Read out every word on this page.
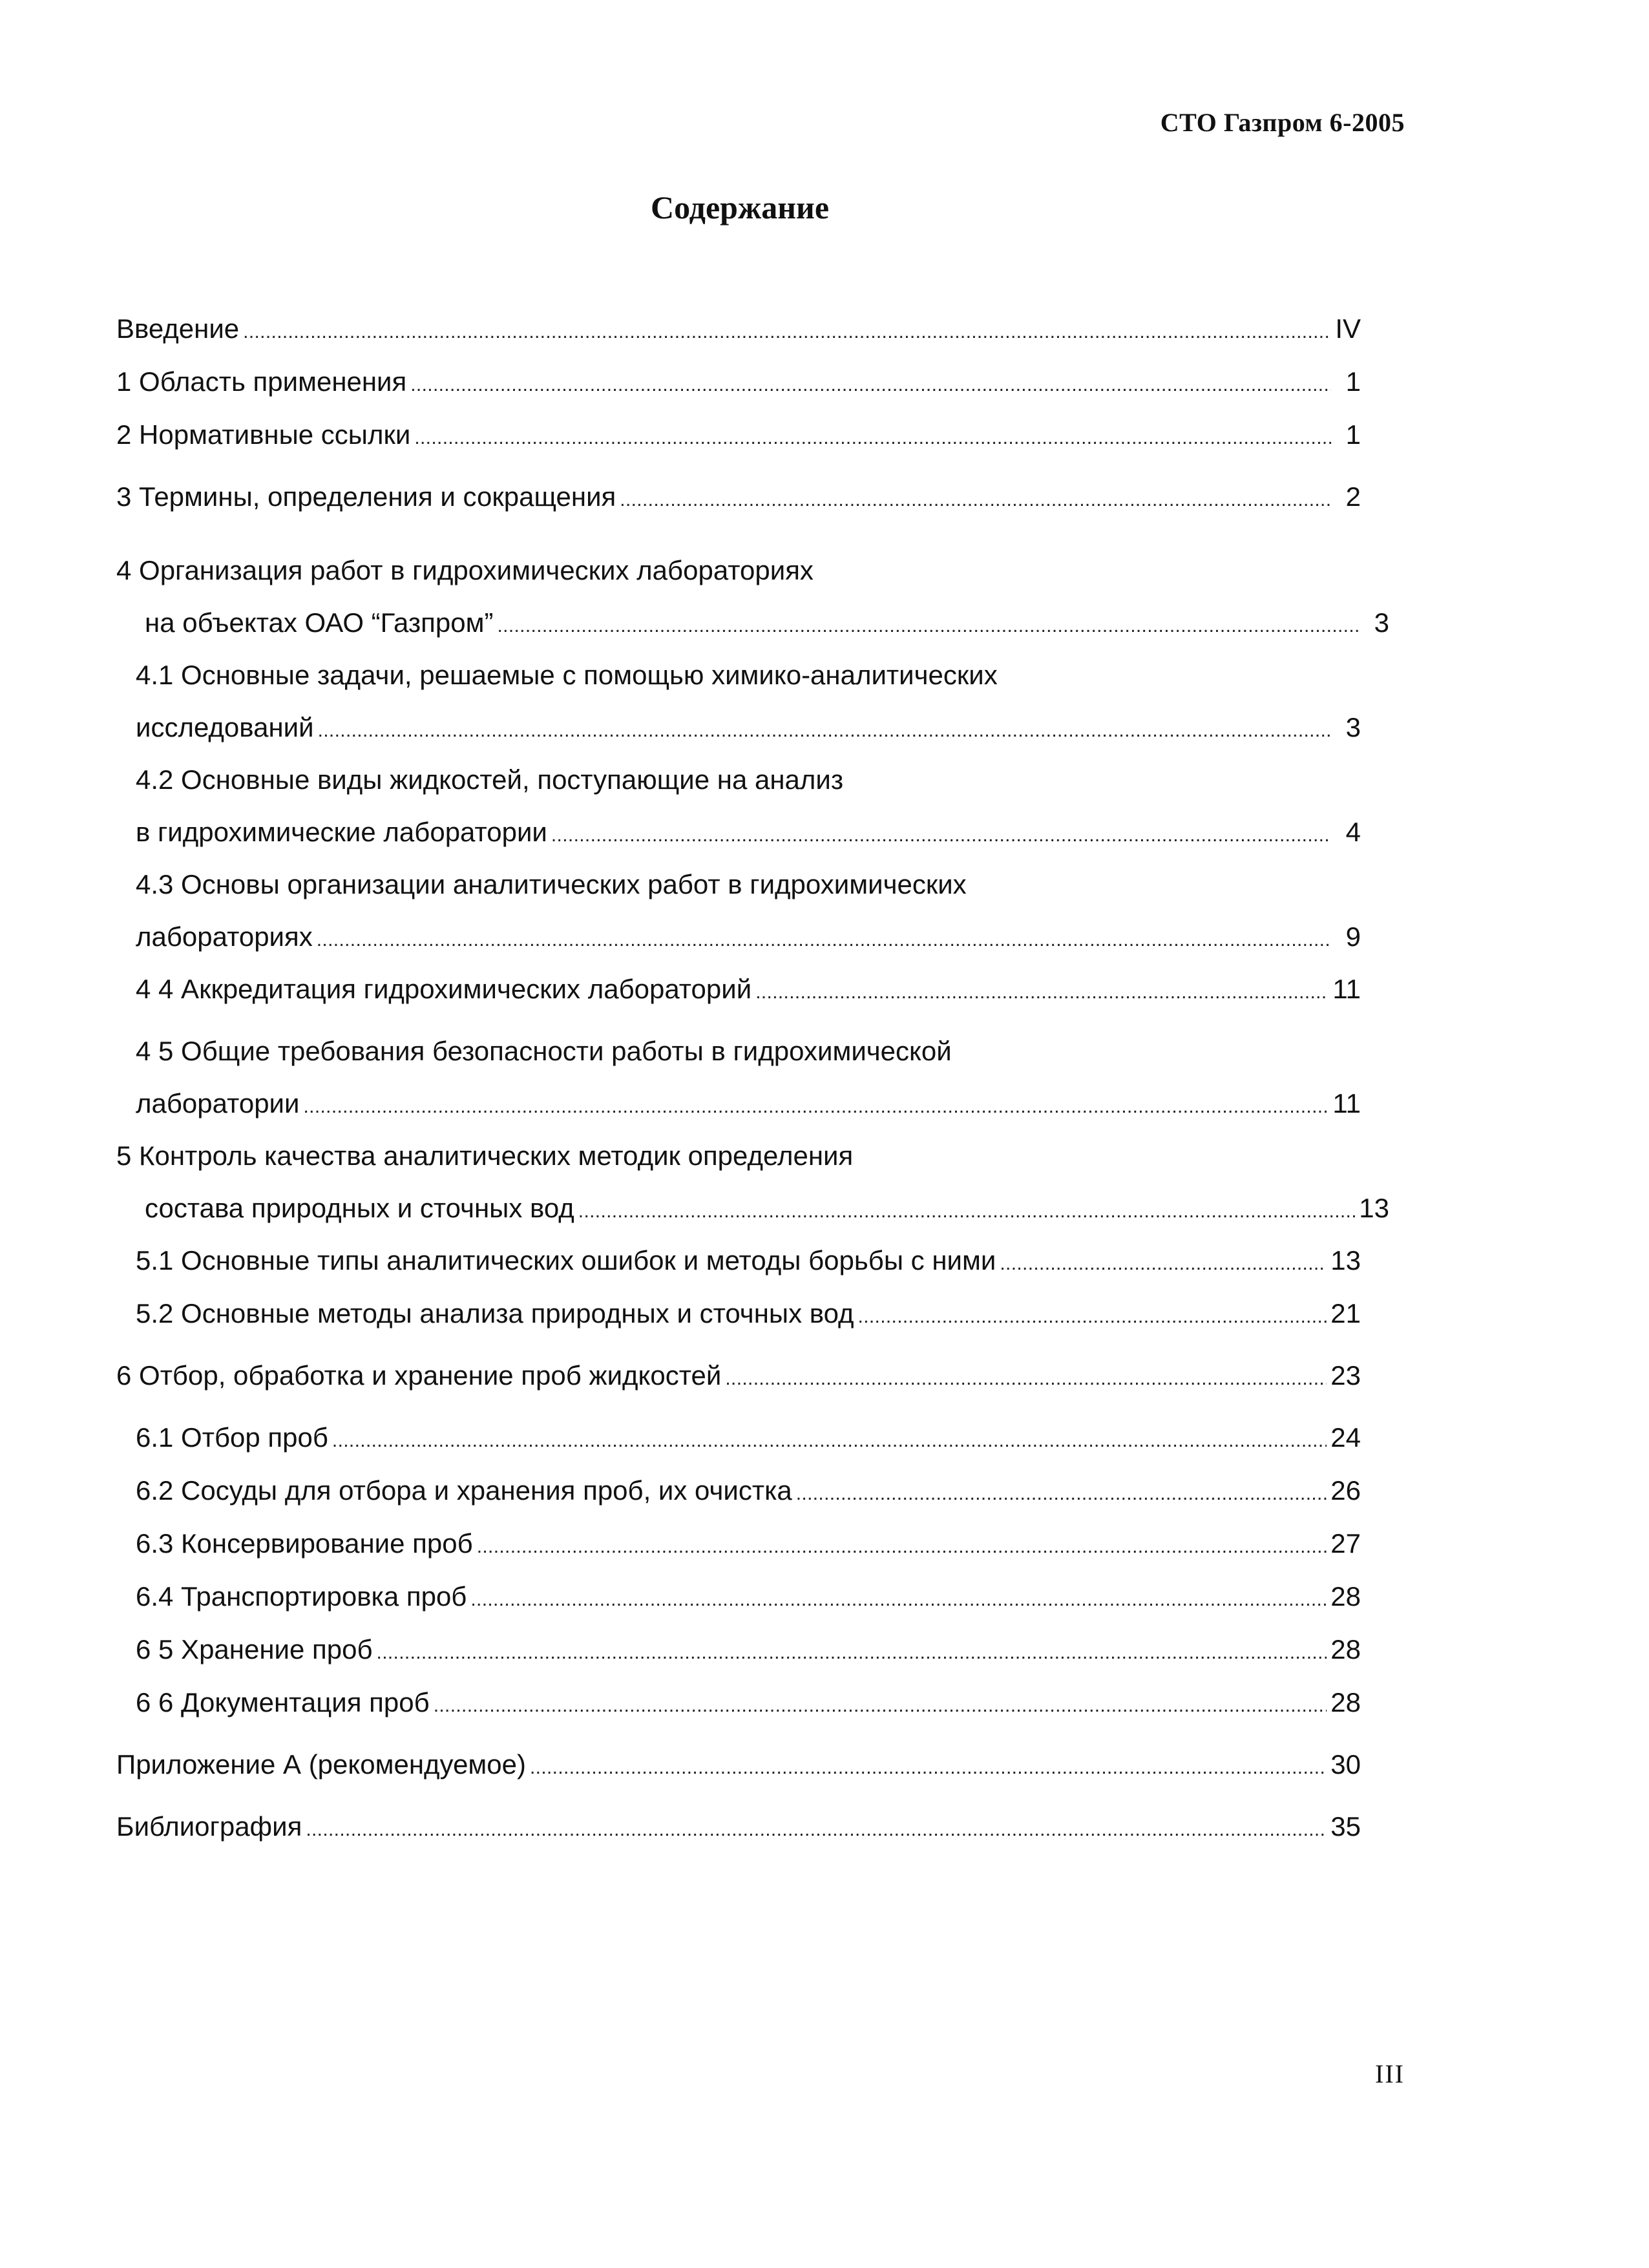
СТО Газпром 6-2005
Содержание
Введение . . .	IV
1 Область применения . . .	1
2 Нормативные ссылки . . .	1
3 Термины, определения и сокращения . . .	2
4 Организация работ в гидрохимических лабораториях
на объектах ОАО “Газпром” . . .	3
4.1 Основные задачи, решаемые с помощью химико-аналитических
исследований . . .	3
4.2 Основные виды жидкостей, поступающие на анализ
в гидрохимические лаборатории . . .	4
4.3 Основы организации аналитических работ в гидрохимических
лабораториях . . .	9
4 4 Аккредитация гидрохимических лабораторий . . .	11
4 5 Общие требования безопасности работы в гидрохимической
лаборатории . . .	11
5 Контроль качества аналитических методик определения
состава природных и сточных вод . . .	13
5.1 Основные типы аналитических ошибок и методы борьбы с ними . . .	13
5.2 Основные методы анализа природных и сточных вод . . .	21
6 Отбор, обработка и хранение проб жидкостей . . .	23
6.1 Отбор проб . . .	24
6.2 Сосуды для отбора и хранения проб, их очистка . . .	26
6.3 Консервирование проб . . .	27
6.4 Транспортировка проб . . .	28
6 5 Хранение проб . . .	28
6 6 Документация проб . . .	28
Приложение А (рекомендуемое) . . .	30
Библиография . . .	35
III
